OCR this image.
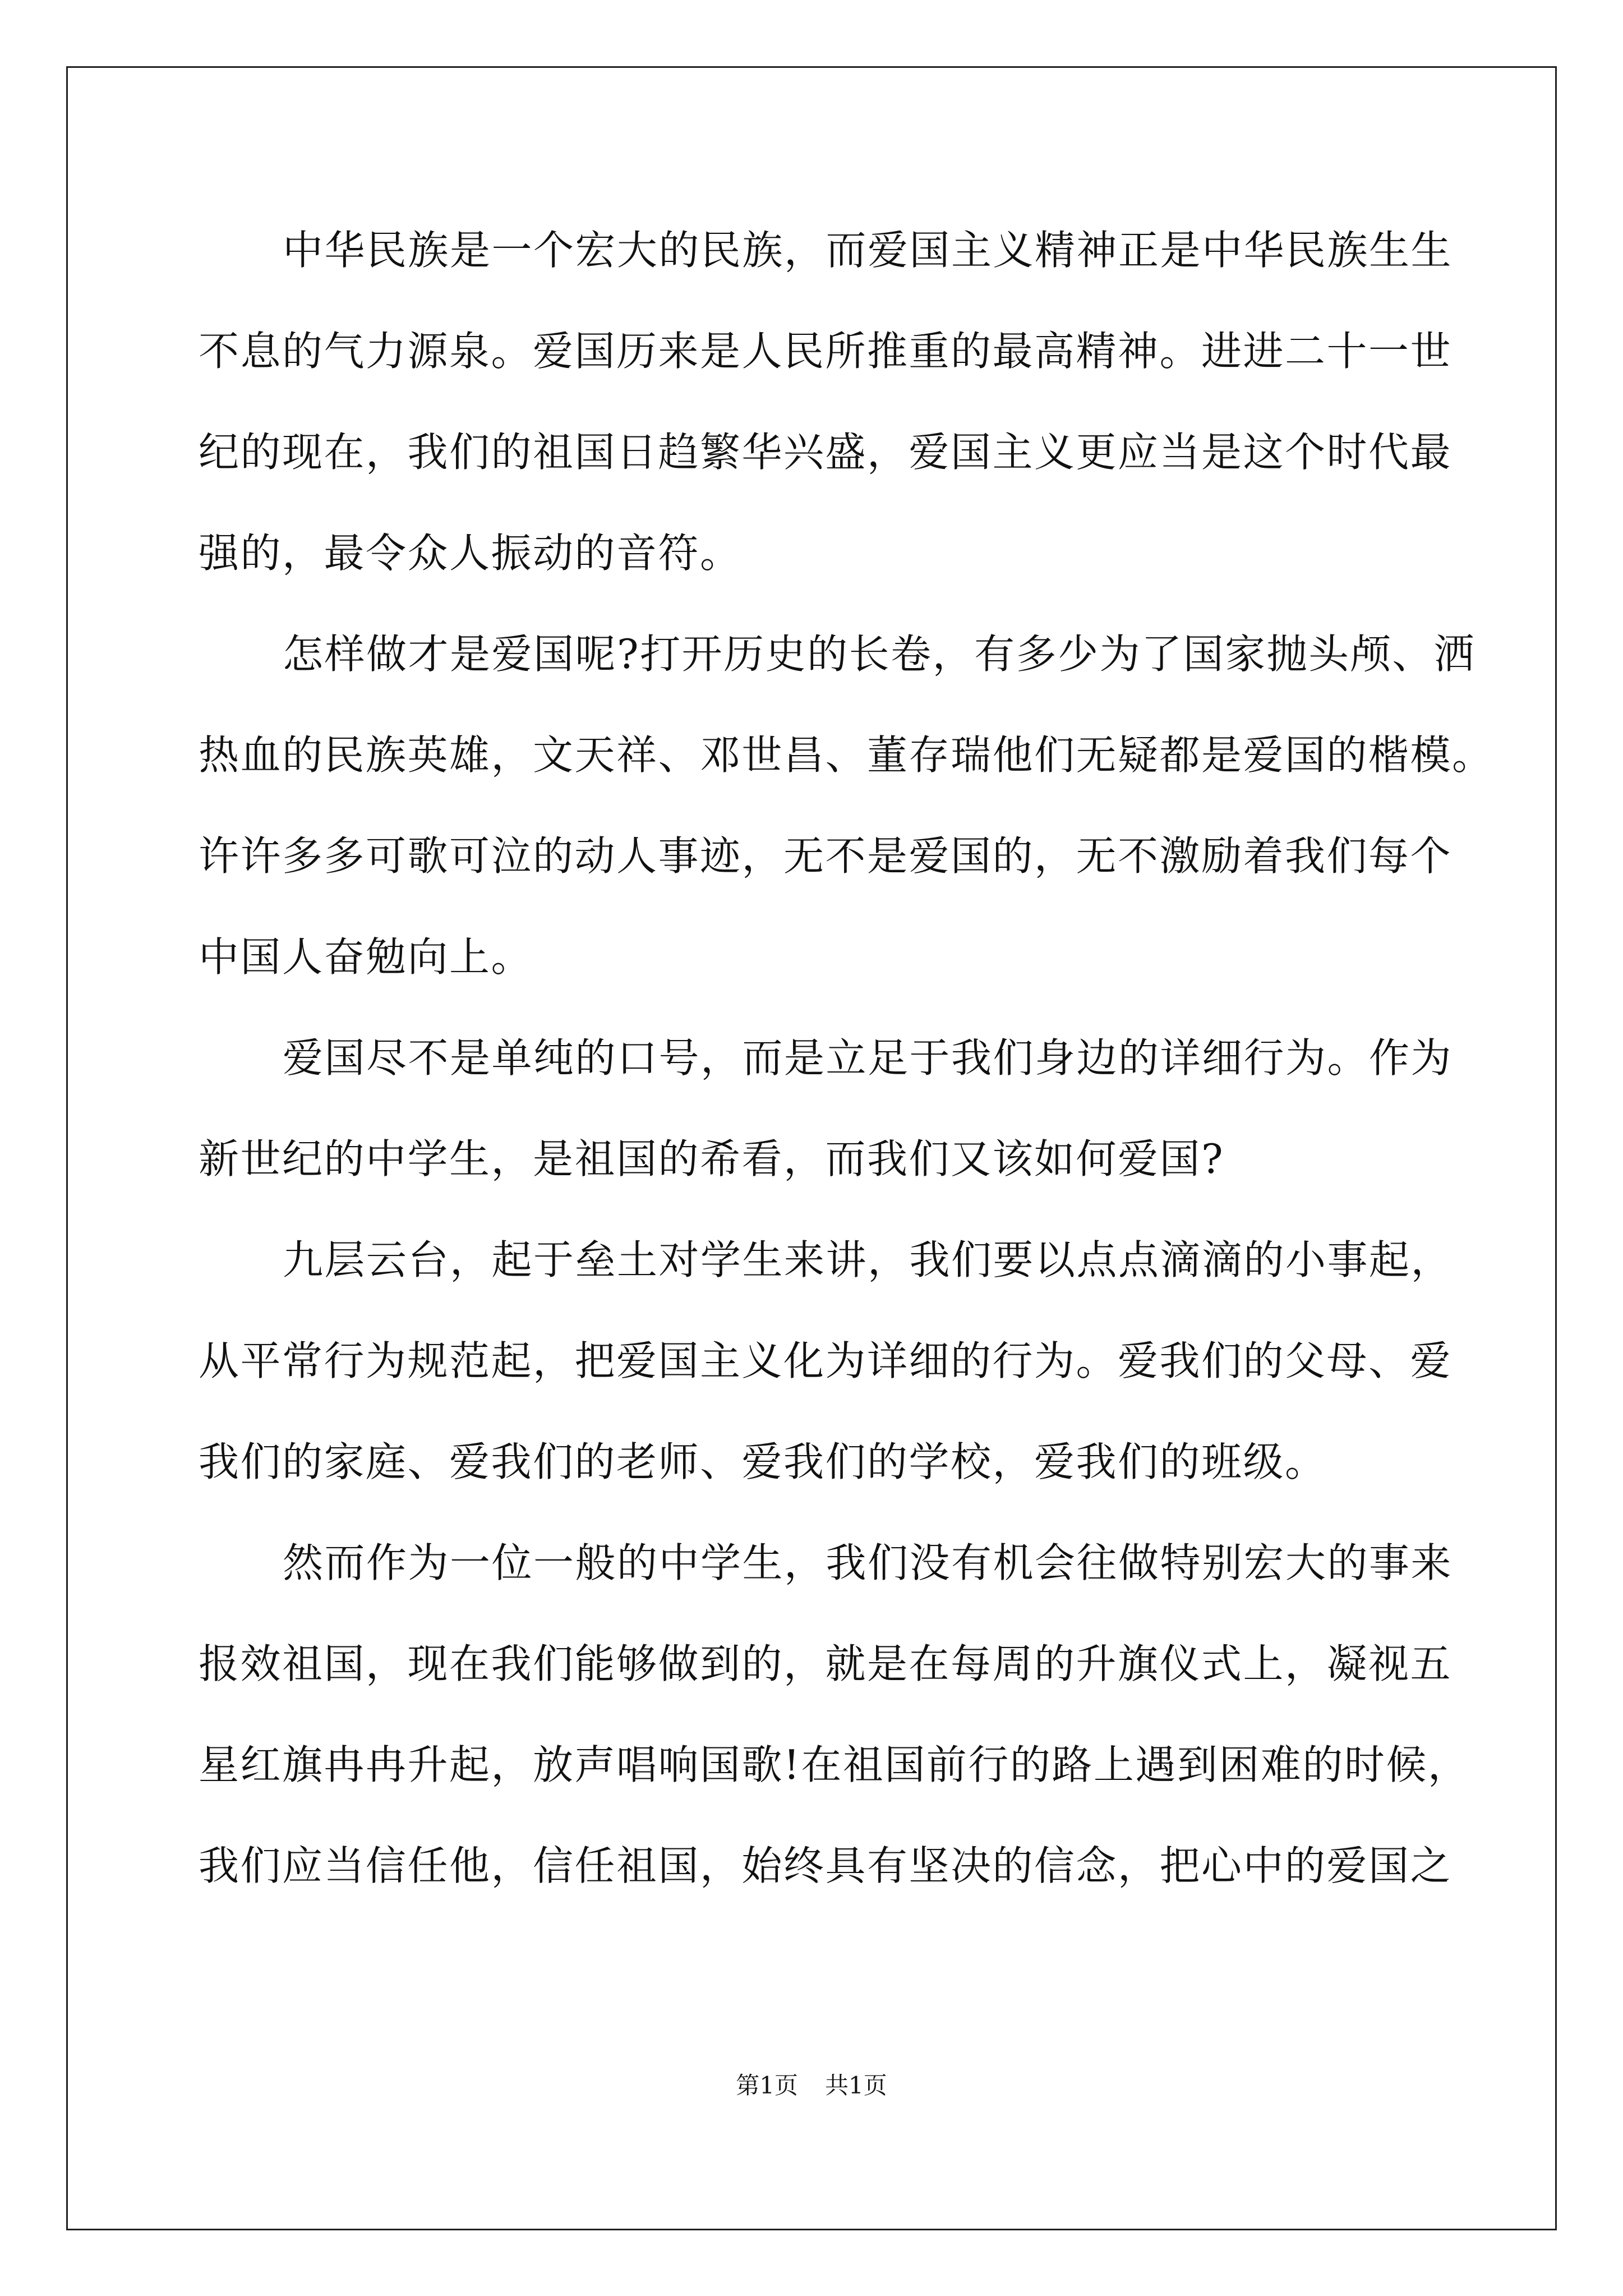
中华民族是一个宏大的民族，而爱国主义精神正是中华民族生生
不息的气力源泉。爱国历来是人民所推重的最高精神。进进二十一世
纪的现在，我们的祖国日趋繁华兴盛，爱国主义更应当是这个时代最
强的，最令众人振动的音符。
怎样做才是爱国呢?打开历史的长卷，有多少为了国家抛头颅、洒
热血的民族英雄，文天祥、邓世昌、董存瑞他们无疑都是爱国的楷模。
许许多多可歌可泣的动人事迹，无不是爱国的，无不激励着我们每个
中国人奋勉向上。
爱国尽不是单纯的口号，而是立足于我们身边的详细行为。作为
新世纪的中学生，是祖国的希看，而我们又该如何爱国?
九层云台，起于垒土对学生来讲，我们要以点点滴滴的小事起，
从平常行为规范起，把爱国主义化为详细的行为。爱我们的父母、爱
我们的家庭、爱我们的老师、爱我们的学校，爱我们的班级。
然而作为一位一般的中学生，我们没有机会往做特别宏大的事来
报效祖国，现在我们能够做到的，就是在每周的升旗仪式上，凝视五
星红旗冉冉升起，放声唱响国歌!在祖国前行的路上遇到困难的时候，
我们应当信任他，信任祖国，始终具有坚决的信念，把心中的爱国之
第1页 共1页
